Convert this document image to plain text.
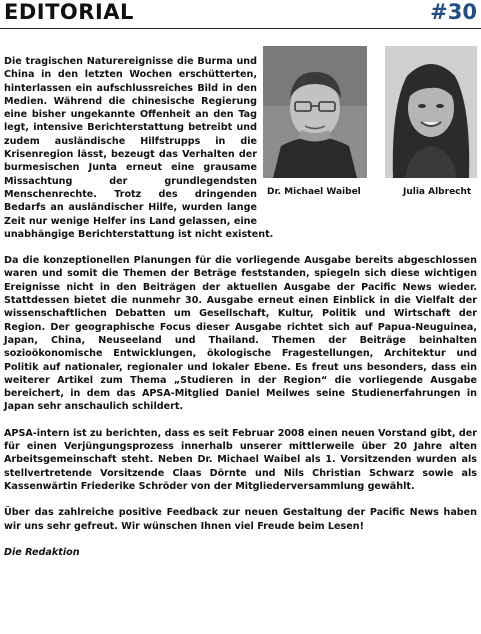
EDITORIAL	#30
Dr. Michael Waibel	Julia Albrecht

Die tragischen Naturereignisse die Burma und China in den letzten Wochen erschütterten, hinterlassen ein aufschlussreiches Bild in den Medien. Während die chinesische Regierung eine bisher ungekannte Offenheit an den Tag legt, intensive Berichterstattung betreibt und zudem ausländische Hilfstrupps in die Krisenregion lässt, bezeugt das Verhalten der burmesischen Junta erneut eine grausame Missachtung der grundlegendsten Menschenrechte. Trotz des dringenden Bedarfs an ausländischer Hilfe, wurden lange Zeit nur wenige Helfer ins Land gelassen, eine unabhängige Berichterstattung ist nicht existent.

Da die konzeptionellen Planungen für die vorliegende Ausgabe bereits abgeschlossen waren und somit die Themen der Beträge feststanden, spiegeln sich diese wichtigen Ereignisse nicht in den Beiträgen der aktuellen Ausgabe der Pacific News wieder. Stattdessen bietet die nunmehr 30. Ausgabe erneut einen Einblick in die Vielfalt der wissenschaftlichen Debatten um Gesellschaft, Kultur, Politik und Wirtschaft der Region. Der geographische Focus dieser Ausgabe richtet sich auf Papua-Neuguinea, Japan, China, Neuseeland und Thailand. Themen der Beiträge beinhalten sozioökonomische Entwicklungen, ökologische Fragestellungen, Architektur und Politik auf nationaler, regionaler und lokaler Ebene. Es freut uns besonders, dass ein weiterer Artikel zum Thema „Studieren in der Region“ die vorliegende Ausgabe bereichert, in dem das APSA-Mitglied Daniel Meilwes seine Studienerfahrungen in Japan sehr anschaulich schildert.

APSA-intern ist zu berichten, dass es seit Februar 2008 einen neuen Vorstand gibt, der für einen Verjüngungsprozess innerhalb unserer mittlerweile über 20 Jahre alten Arbeitsgemeinschaft steht. Neben Dr. Michael Waibel als 1. Vorsitzenden wurden als stellvertretende Vorsitzende Claas Dörnte und Nils Christian Schwarz sowie als Kassenwärtin Friederike Schröder von der Mitgliederversammlung gewählt.

Über das zahlreiche positive Feedback zur neuen Gestaltung der Pacific News haben wir uns sehr gefreut. Wir wünschen Ihnen viel Freude beim Lesen!

Die Redaktion
